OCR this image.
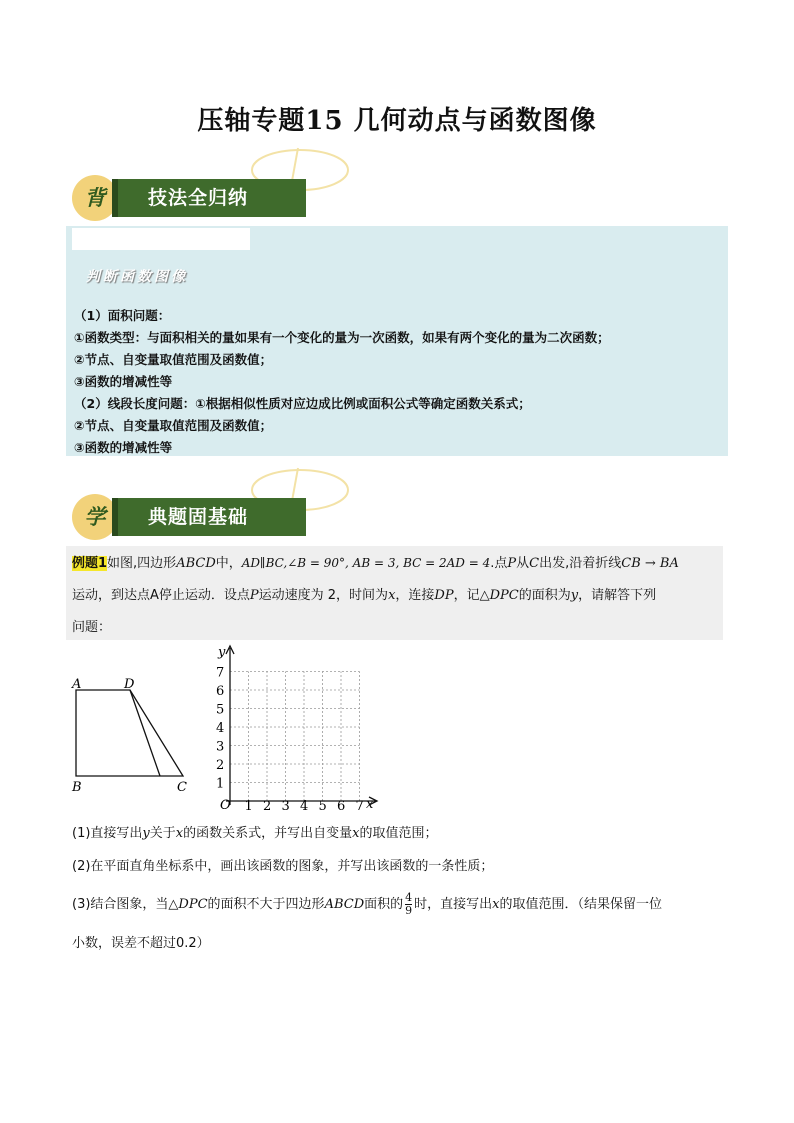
压轴专题15 几何动点与函数图像
技法全归纳
背
判断函数图像
（1）面积问题：
①函数类型：与面积相关的量如果有一个变化的量为一次函数，如果有两个变化的量为二次函数；
②节点、自变量取值范围及函数值；
③函数的增减性等
（2）线段长度问题：①根据相似性质对应边成比例或面积公式等确定函数关系式；
②节点、自变量取值范围及函数值；
③函数的增减性等
典题固基础
学
例题1如图,四边形ABCD中，AD∥BC,∠B = 90°, AB = 3, BC = 2AD = 4.点P从C出发,沿着折线CB → BA
运动，到达点A停止运动．设点P运动速度为 2，时间为x，连接DP，记△DPC的面积为y，请解答下列
问题：
A	D
B	C
y
x
O 1 2 3 4 5 6 7
1
2
3
4
5
6
7
(1)直接写出y关于x的函数关系式，并写出自变量x的取值范围；
(2)在平面直角坐标系中，画出该函数的图象，并写出该函数的一条性质；
(3)结合图象，当△DPC的面积不大于四边形ABCD面积的 $\frac{4}{9}$ 时，直接写出x的取值范围．（结果保留一位
小数，误差不超过0.2）
